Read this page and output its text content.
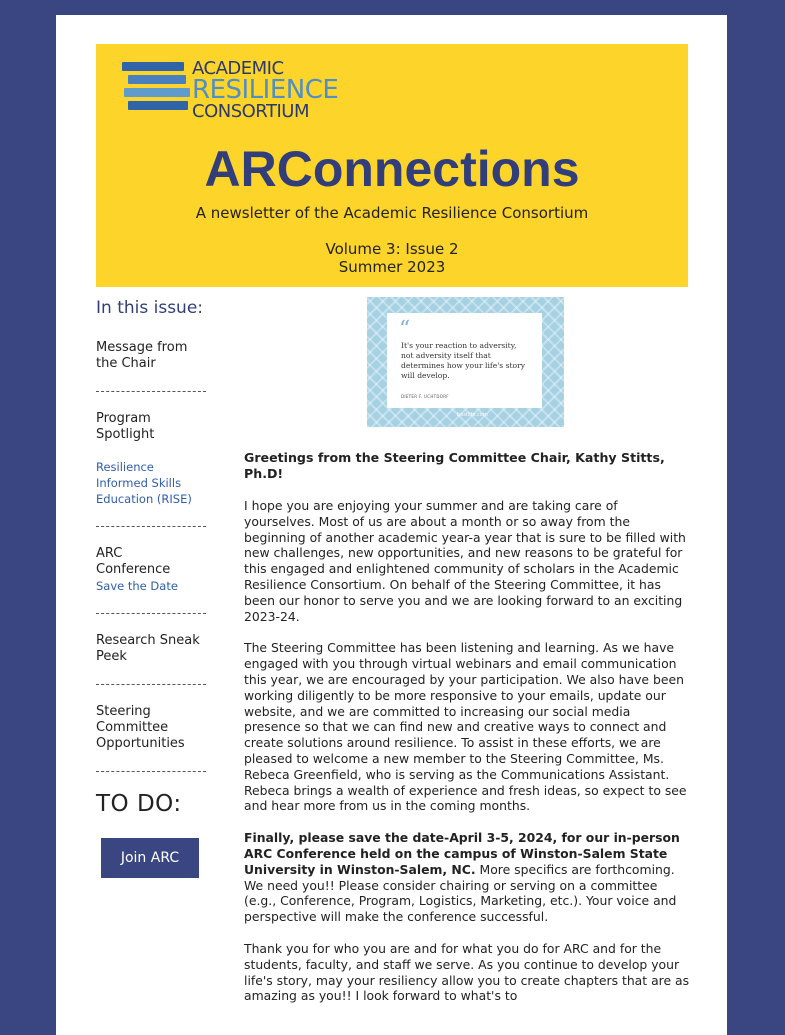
ACADEMIC
RESILIENCE
CONSORTIUM
ARConnections
A newsletter of the Academic Resilience Consortium
Volume 3: Issue 2
Summer 2023
In this issue:
Message from the Chair
Program Spotlight
Resilience Informed Skills Education (RISE)
ARC Conference
Save the Date
Research Sneak Peek
Steering Committee Opportunities
TO DO:
Join ARC
“
It's your reaction to adversity, not adversity itself that determines how your life's story will develop.
DIETER F. UCHTDORF
bestlife.com

Greetings from the Steering Committee Chair, Kathy Stitts, Ph.D!

I hope you are enjoying your summer and are taking care of yourselves. Most of us are about a month or so away from the beginning of another academic year-a year that is sure to be filled with new challenges, new opportunities, and new reasons to be grateful for this engaged and enlightened community of scholars in the Academic Resilience Consortium. On behalf of the Steering Committee, it has been our honor to serve you and we are looking forward to an exciting 2023-24.

The Steering Committee has been listening and learning. As we have engaged with you through virtual webinars and email communication this year, we are encouraged by your participation. We also have been working diligently to be more responsive to your emails, update our website, and we are committed to increasing our social media presence so that we can find new and creative ways to connect and create solutions around resilience. To assist in these efforts, we are pleased to welcome a new member to the Steering Committee, Ms. Rebeca Greenfield, who is serving as the Communications Assistant. Rebeca brings a wealth of experience and fresh ideas, so expect to see and hear more from us in the coming months.

Finally, please save the date-April 3-5, 2024, for our in-person ARC Conference held on the campus of Winston-Salem State University in Winston-Salem, NC. More specifics are forthcoming. We need you!! Please consider chairing or serving on a committee (e.g., Conference, Program, Logistics, Marketing, etc.). Your voice and perspective will make the conference successful.

Thank you for who you are and for what you do for ARC and for the students, faculty, and staff we serve. As you continue to develop your life's story, may your resiliency allow you to create chapters that are as amazing as you!! I look forward to what's to
